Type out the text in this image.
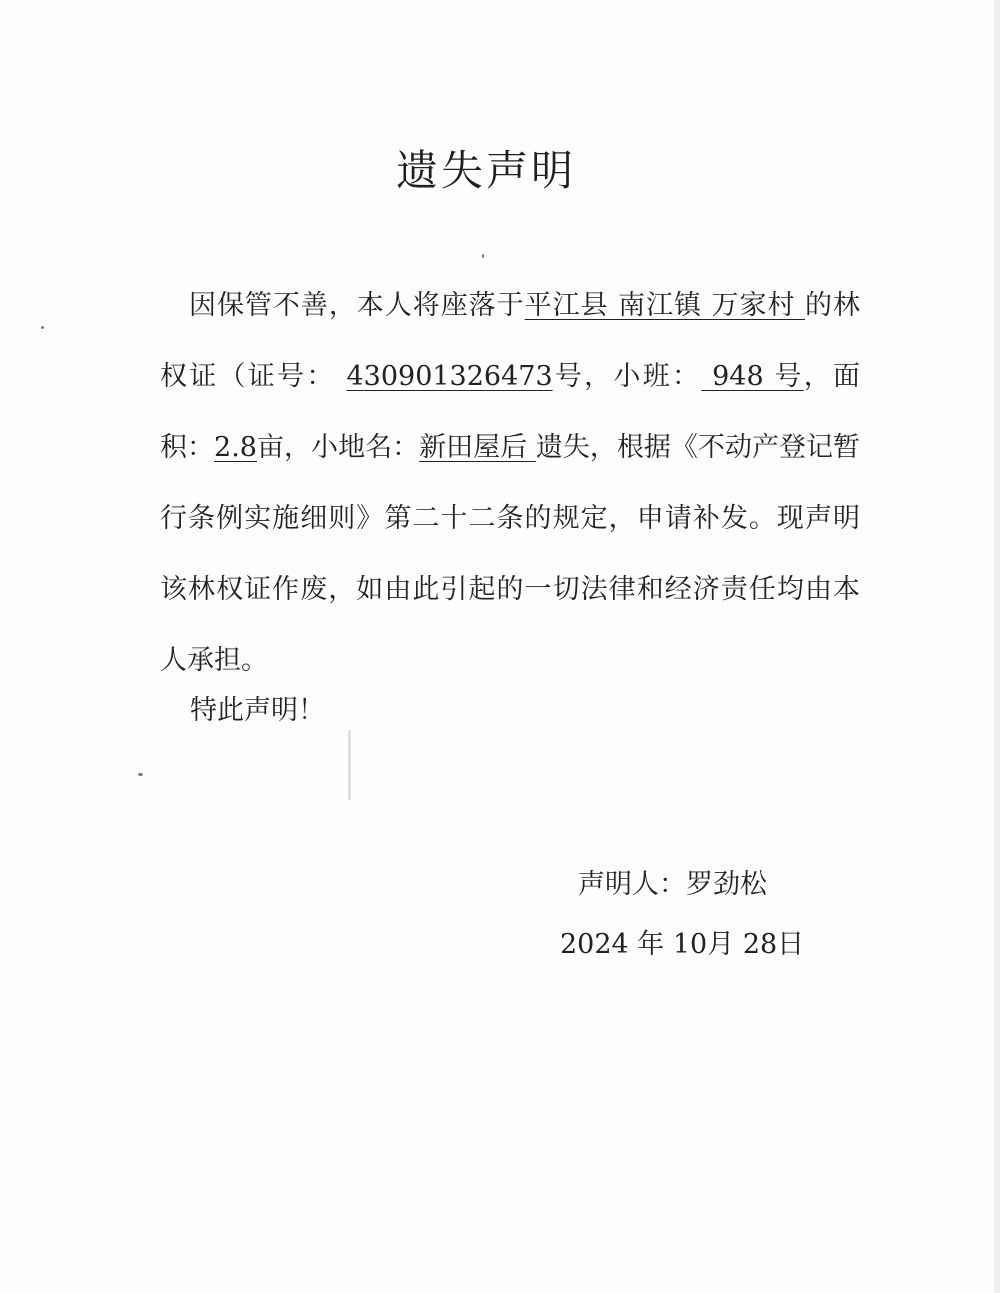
遗失声明
因保管不善，本人将座落于平江县 南江镇 万家村 的林权证（证号： 430901326473号，小班： 948 号，面积：2.8亩，小地名：新田屋后 遗失，根据《不动产登记暂行条例实施细则》第二十二条的规定，申请补发。现声明该林权证作废，如由此引起的一切法律和经济责任均由本人承担。
特此声明！
声明人：罗劲松
2024 年 10月 28日
